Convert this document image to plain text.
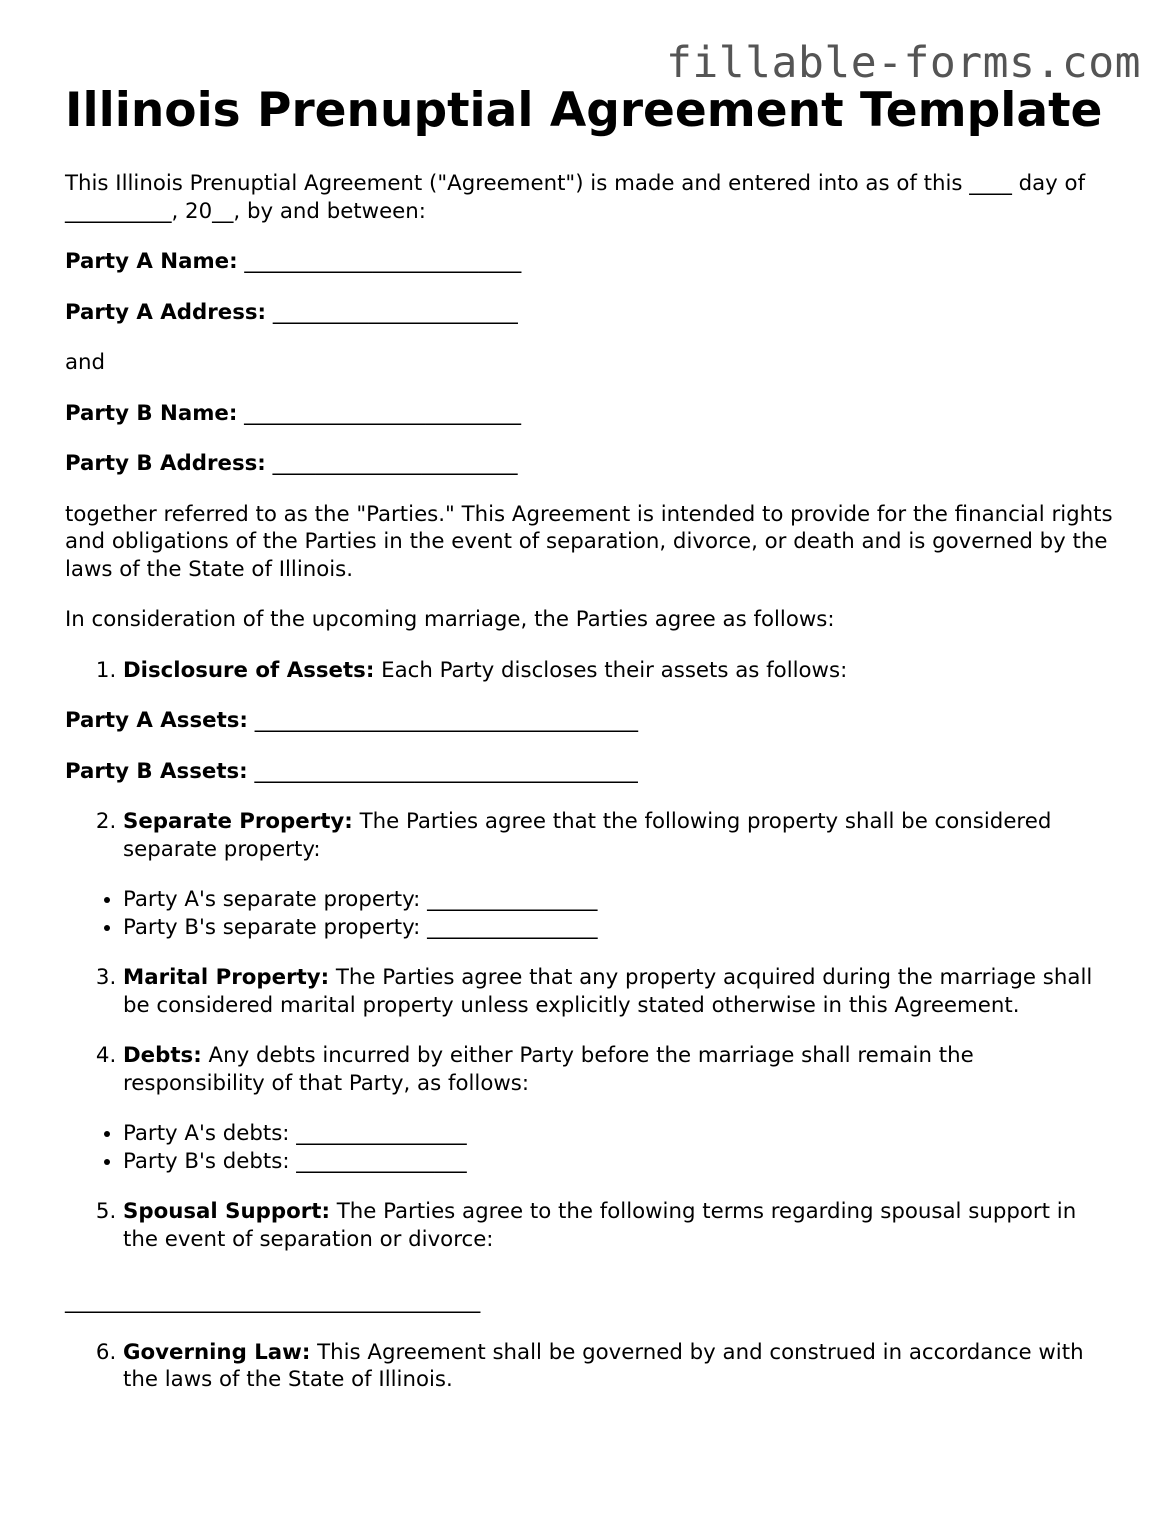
fillable-forms.com
Illinois Prenuptial Agreement Template

This Illinois Prenuptial Agreement ("Agreement") is made and entered into as of this ____ day of __________, 20__, by and between:

Party A Name: __________________________

Party A Address: _______________________

and

Party B Name: __________________________

Party B Address: _______________________

together referred to as the "Parties." This Agreement is intended to provide for the financial rights and obligations of the Parties in the event of separation, divorce, or death and is governed by the laws of the State of Illinois.

In consideration of the upcoming marriage, the Parties agree as follows:

1. Disclosure of Assets: Each Party discloses their assets as follows:

Party A Assets: ____________________________________

Party B Assets: ____________________________________

2. Separate Property: The Parties agree that the following property shall be considered separate property:
• Party A's separate property: ________________
• Party B's separate property: ________________
3. Marital Property: The Parties agree that any property acquired during the marriage shall be considered marital property unless explicitly stated otherwise in this Agreement.
4. Debts: Any debts incurred by either Party before the marriage shall remain the responsibility of that Party, as follows:
• Party A's debts: ________________
• Party B's debts: ________________
5. Spousal Support: The Parties agree to the following terms regarding spousal support in the event of separation or divorce:

_______________________________________

6. Governing Law: This Agreement shall be governed by and construed in accordance with the laws of the State of Illinois.
